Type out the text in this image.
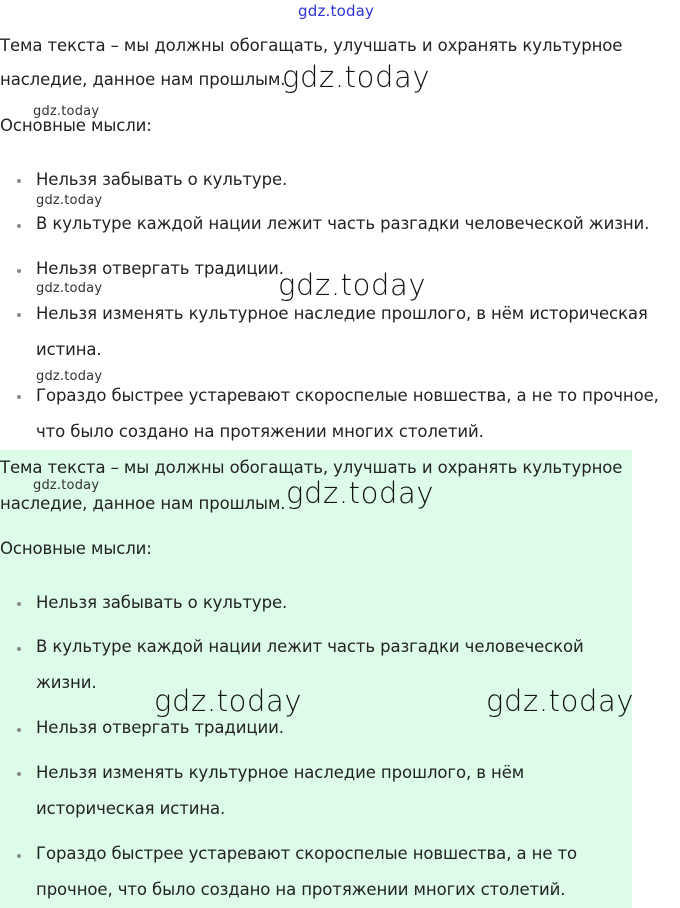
gdz.today
Тема текста – мы должны обогащать, улучшать и охранять культурное
наследие, данное нам прошлым.
Основные мысли:
Нельзя забывать о культуре.
В культуре каждой нации лежит часть разгадки человеческой жизни.
Нельзя отвергать традиции.
Нельзя изменять культурное наследие прошлого, в нём историческая
истина.
Гораздо быстрее устаревают скороспелые новшества, а не то прочное,
что было создано на протяжении многих столетий.
Тема текста – мы должны обогащать, улучшать и охранять культурное
наследие, данное нам прошлым.
Основные мысли:
Нельзя забывать о культуре.
В культуре каждой нации лежит часть разгадки человеческой
жизни.
Нельзя отвергать традиции.
Нельзя изменять культурное наследие прошлого, в нём
историческая истина.
Гораздо быстрее устаревают скороспелые новшества, а не то
прочное, что было создано на протяжении многих столетий.
gdz.today
gdz.today
gdz.today
gdz.today
gdz.today
gdz.today
gdz.today	gdz.today
gdz.today	gdz.today
